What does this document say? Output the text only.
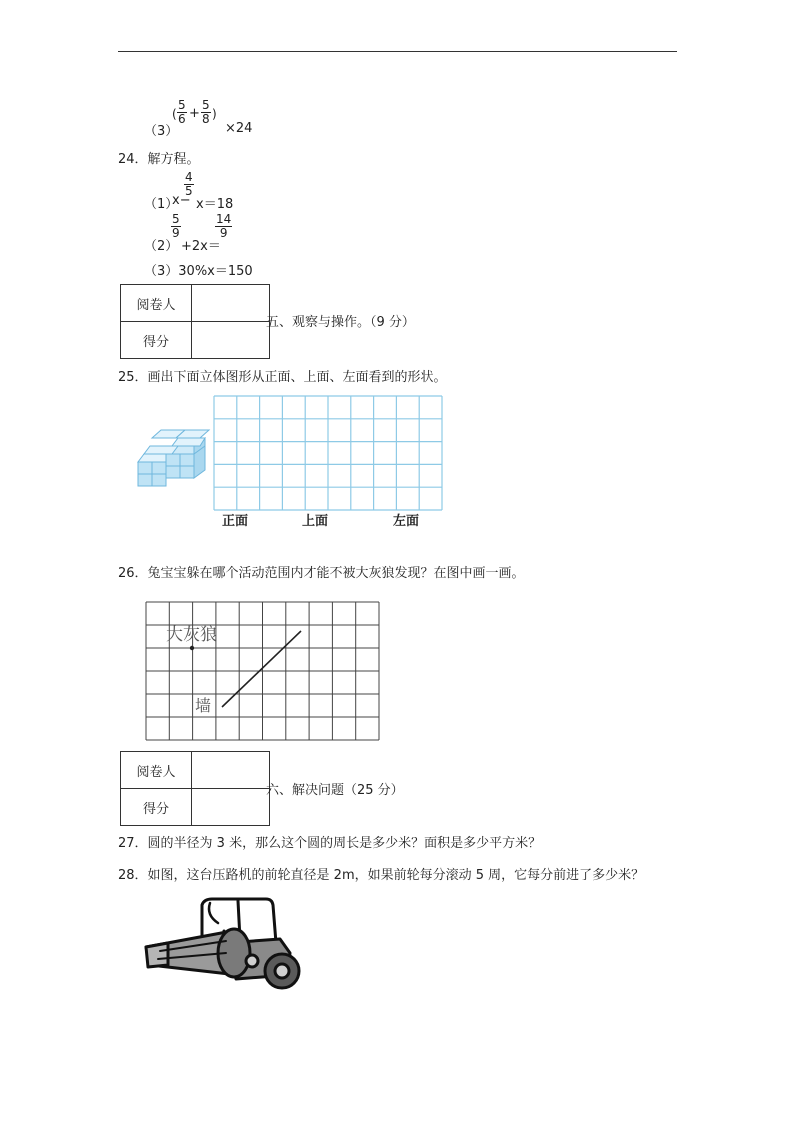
（3）
( $\frac{5}{6} + \frac{5}{8}$ )
×24
24．解方程。
（1）
x−
$\frac{4}{5}$
x＝18
（2）
$\frac{5}{9}$
+2x＝
$\frac{14}{9}$
（3）30%x＝150
阅卷人	
得分	
五、观察与操作。（9 分）
25．画出下面立体图形从正面、上面、左面看到的形状。
正面	上面	左面
26．兔宝宝躲在哪个活动范围内才能不被大灰狼发现？在图中画一画。
大灰狼
墙
阅卷人	
得分	
六、解决问题（25 分）
27．圆的半径为 3 米，那么这个圆的周长是多少米？面积是多少平方米？
28．如图，这台压路机的前轮直径是 2m，如果前轮每分滚动 5 周，它每分前进了多少米？
